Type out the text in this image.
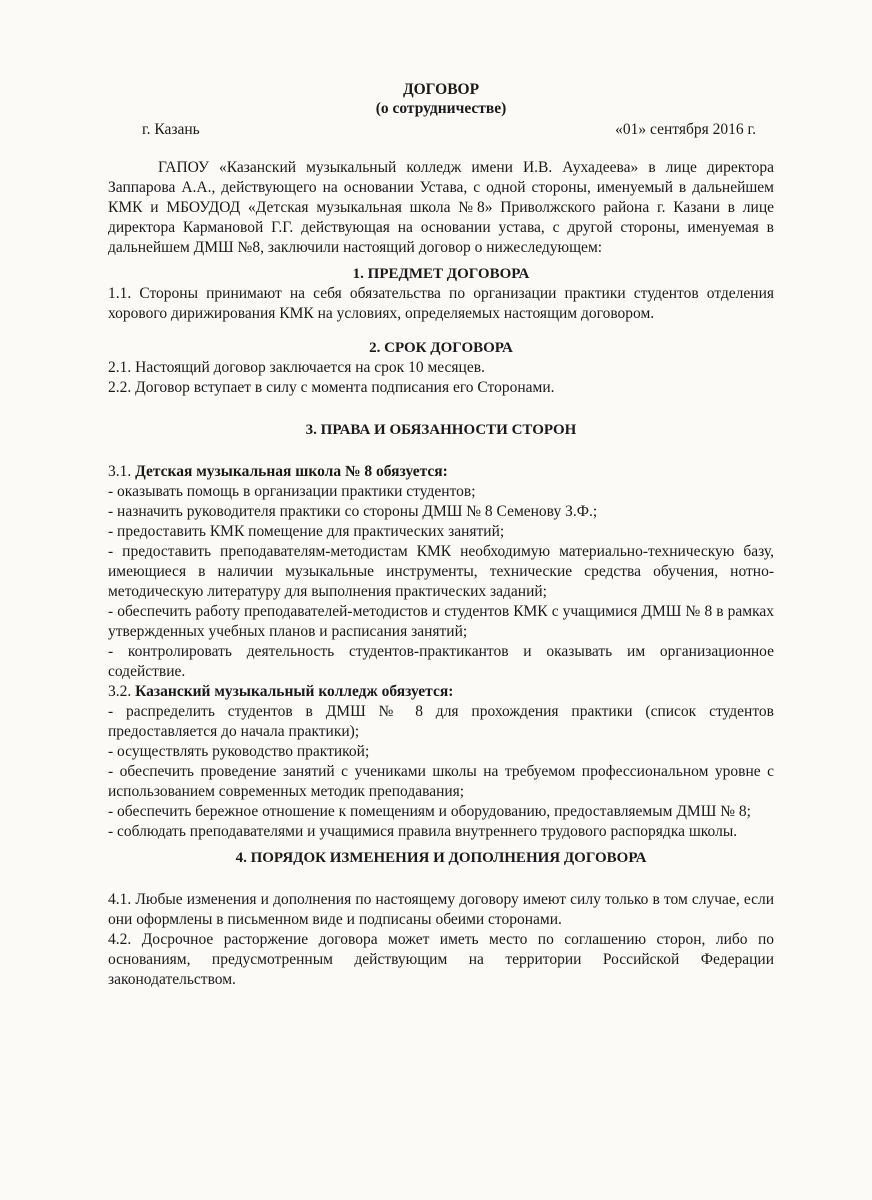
ДОГОВОР
(о сотрудничестве)
г. Казань	«01» сентября 2016 г.

ГАПОУ «Казанский музыкальный колледж имени И.В. Аухадеева» в лице директора Заппарова А.А., действующего на основании Устава, с одной стороны, именуемый в дальнейшем КМК и МБОУДОД «Детская музыкальная школа №8» Приволжского района г. Казани в лице директора Кармановой Г.Г. действующая на основании устава, с другой стороны, именуемая в дальнейшем ДМШ №8, заключили настоящий договор о нижеследующем:

1. ПРЕДМЕТ ДОГОВОРА

1.1. Стороны принимают на себя обязательства по организации практики студентов отделения хорового дирижирования КМК на условиях, определяемых настоящим договором.

2. СРОК ДОГОВОРА

2.1. Настоящий договор заключается на срок 10 месяцев.

2.2. Договор вступает в силу с момента подписания его Сторонами.

3. ПРАВА И ОБЯЗАННОСТИ СТОРОН

3.1. Детская музыкальная школа № 8 обязуется:

- оказывать помощь в организации практики студентов;

- назначить руководителя практики со стороны ДМШ № 8 Семенову З.Ф.;

- предоставить КМК помещение для практических занятий;

- предоставить преподавателям-методистам КМК необходимую материально-техническую базу, имеющиеся в наличии музыкальные инструменты, технические средства обучения, нотно-методическую литературу для выполнения практических заданий;

- обеспечить работу преподавателей-методистов и студентов КМК с учащимися ДМШ № 8 в рамках утвержденных учебных планов и расписания занятий;

- контролировать деятельность студентов-практикантов и оказывать им организационное содействие.

3.2. Казанский музыкальный колледж обязуется:

- распределить студентов в ДМШ № 8 для прохождения практики (список студентов предоставляется до начала практики);

- осуществлять руководство практикой;

- обеспечить проведение занятий с учениками школы на требуемом профессиональном уровне с использованием современных методик преподавания;

- обеспечить бережное отношение к помещениям и оборудованию, предоставляемым ДМШ № 8;

- соблюдать преподавателями и учащимися правила внутреннего трудового распорядка школы.

4. ПОРЯДОК ИЗМЕНЕНИЯ И ДОПОЛНЕНИЯ ДОГОВОРА

4.1. Любые изменения и дополнения по настоящему договору имеют силу только в том случае, если они оформлены в письменном виде и подписаны обеими сторонами.

4.2. Досрочное расторжение договора может иметь место по соглашению сторон, либо по основаниям, предусмотренным действующим на территории Российской Федерации законодательством.
